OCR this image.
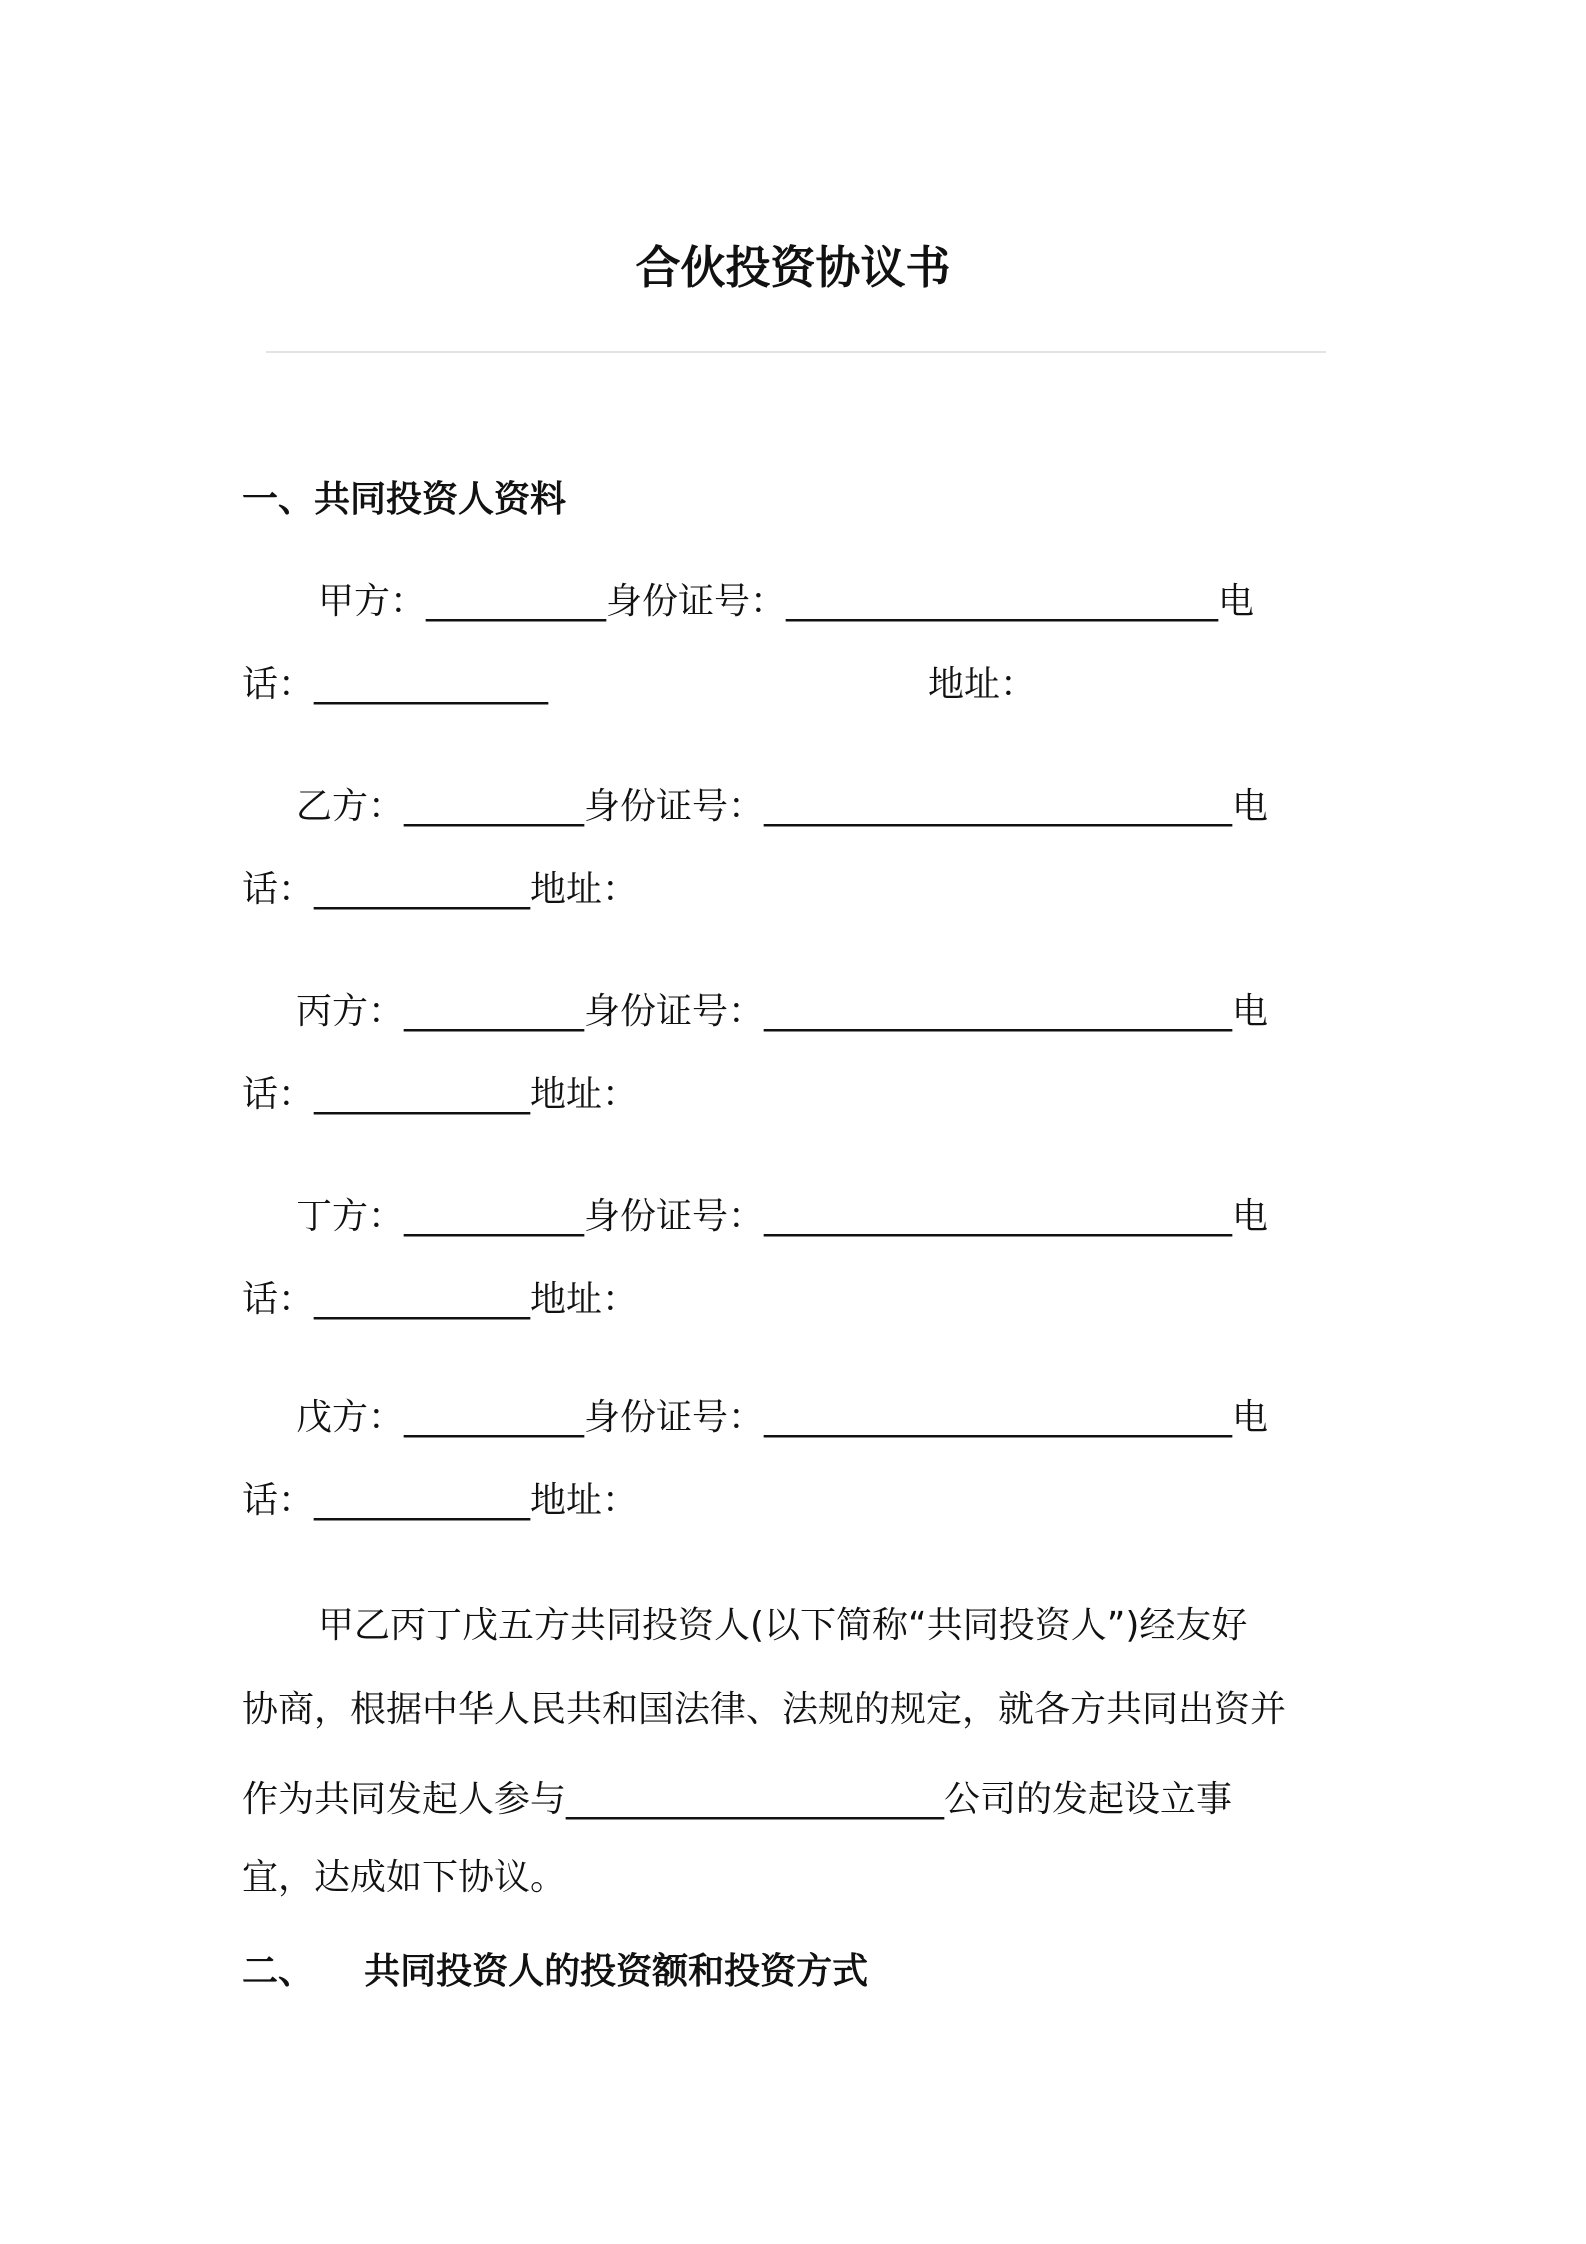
合伙投资协议书
一、共同投资人资料
甲方：__________身份证号：________________________电
话：_____________	地址：
乙方：__________身份证号：__________________________电
话：____________地址：
丙方：__________身份证号：__________________________电
话：____________地址：
丁方：__________身份证号：__________________________电
话：____________地址：
戊方：__________身份证号：__________________________电
话：____________地址：
甲乙丙丁戊五方共同投资人(以下简称“共同投资人”)经友好
协商，根据中华人民共和国法律、法规的规定，就各方共同出资并
作为共同发起人参与_____________________公司的发起设立事
宜，达成如下协议。
二、    共同投资人的投资额和投资方式
